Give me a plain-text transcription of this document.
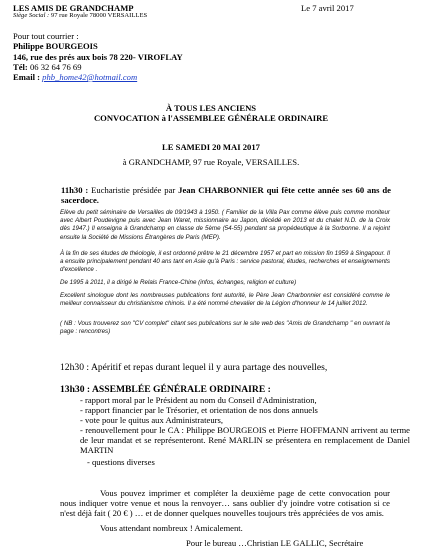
LES AMIS DE GRANDCHAMP	Le 7 avril 2017
Siège Social : 97 rue Royale 78000 VERSAILLES
Pour tout courrier :
Philippe BOURGEOIS
146, rue des prés aux bois 78 220- VIROFLAY
Tél: 06 32 64 76 69
Email : phb_home42@hotmail.com
À TOUS LES ANCIENS
CONVOCATION à l'ASSEMBLEE GÉNÉRALE ORDINAIRE
LE SAMEDI 20 MAI 2017
à GRANDCHAMP, 97 rue Royale, VERSAILLES.
11h30 : Eucharistie présidée par Jean CHARBONNIER qui fête cette année ses 60 ans de sacerdoce.
Elève du petit séminaire de Versailles de 09/1943 à 1950. ( Familier de la Villa Pax comme élève puis comme moniteur avec Albert Poudevigne puis avec Jean Waret, missionnaire au Japon, décédé en 2013 et du chalet N.D. de la Croix dès 1947.) Il enseigna à Grandchamp en classe de 5ème (54-55) pendant sa propédeutique à la Sorbonne. Il a rejoint ensuite la Société de Missions Étrangères de Paris (MEP).
À la fin de ses études de théologie, il est ordonné prêtre le 21 décembre 1957 et part en mission fin 1959 à Singapour. Il a ensuite principalement pendant 40 ans tant en Asie qu'à Paris : service pastoral, études, recherches et enseignements d'excellence .
De 1995 à 2011, il a dirigé le Relais France-Chine (infos, échanges, religion et culture)
Excellent sinologue dont les nombreuses publications font autorité, le Père Jean Charbonnier est considéré comme le meilleur connaisseur du christianisme chinois. Il a été nommé chevalier de la Légion d'honneur le 14 juillet 2012.
( NB : Vous trouverez son "CV complet" citant ses publications sur le site web des "Amis de Grandchamp " en ouvrant la page : rencontres)
12h30 : Apéritif et repas durant lequel il y aura partage des nouvelles,
13h30 : ASSEMBLÉE GÉNÉRALE ORDINAIRE :
- rapport moral par le Président au nom du Conseil d'Administration,
- rapport financier par le Trésorier, et orientation de nos dons annuels
- vote pour le quitus aux Administrateurs,
- renouvellement pour le CA : Philippe BOURGEOIS et Pierre HOFFMANN arrivent au terme de leur mandat et se représenteront. René MARLIN se présentera en remplacement de Daniel MARTIN
- questions diverses
Vous pouvez imprimer et compléter la deuxième page de cette convocation pour nous indiquer votre venue et nous la renvoyer… sans oublier d'y joindre votre cotisation si ce n'est déjà fait ( 20 € ) … et de donner quelques nouvelles toujours très appréciées de vos amis.
Vous attendant nombreux ! Amicalement.
Pour le bureau …Christian LE GALLIC, Secrétaire
